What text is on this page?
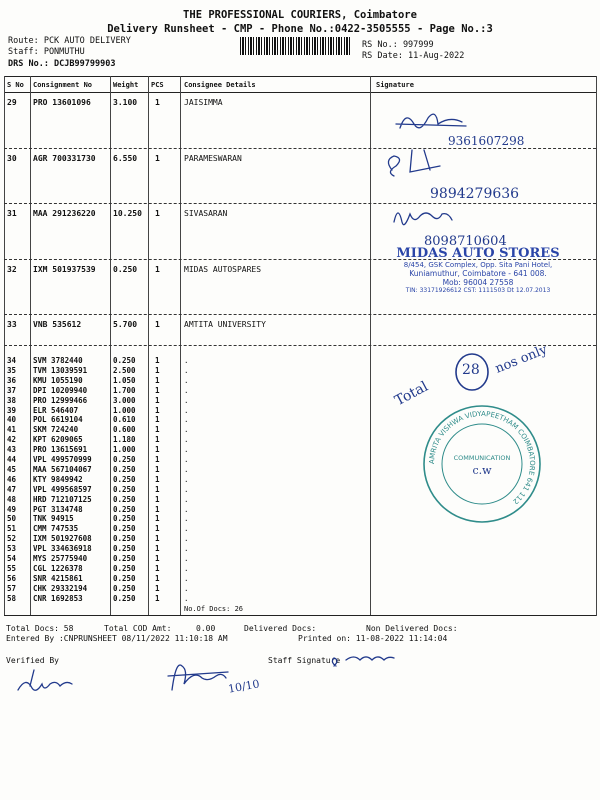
THE PROFESSIONAL COURIERS, Coimbatore
Delivery Runsheet - CMP - Phone No.:0422-3505555 - Page No.:3
Route: PCK AUTO DELIVERY
Staff: PONMUTHU
DRS No.: DCJB99799903
RS No.: 997999
RS Date: 11-Aug-2022
S No Consignment No	Weight PCS	Consignee Details	Signature
29 PRO 13601096	3.100 1	JAISIMMA
30 AGR 700331730 6.550 1	PARAMESWARAN
31 MAA 291236220 10.250 1	SIVASARAN
32 IXM 501937539 0.250 1	MIDAS AUTOSPARES
33 VNB 535612	5.700 1	AMTITA UNIVERSITY
34 SVM 3782440	0.250	1	.
35 TVM 13039591	2.500	1	.
36 KMU 1055190	1.050	1	.
37 DPI 10209940	1.700	1	.
38 PRO 12999466	3.000	1	.
39 ELR 546407	1.000	1	.
40 POL 6619104	0.610	1	.
41 SKM 724240	0.600	1	.
42 KPT 6209065	1.180	1	.
43 PRO 13615691	1.000	1	.
44 VPL 499570999	0.250	1	.
45 MAA 567104067	0.250	1	.
46 KTY 9849942	0.250	1	.
47 VPL 499568597	0.250	1	.
48 HRD 712107125	0.250	1	.
49 PGT 3134748	0.250	1	.
50 TNK 94915	0.250	1	.
51 CMM 747535	0.250	1	.
52 IXM 501927608	0.250	1	.
53 VPL 334636918	0.250	1	.
54 MYS 25775940	0.250	1	.
55 CGL 1226378	0.250	1	.
56 SNR 4215861	0.250	1	.
57 CHK 29332194	0.250	1	.
58 CNR 1692853	0.250	1	.
No.Of Docs: 26
Total Docs: 58	Total COD Amt:	0.00	Delivered Docs:	Non Delivered Docs:
Entered By :CNPRUNSHEET 08/11/2022 11:10:18 AM	Printed on: 11-08-2022 11:14:04
Verified By	Staff Signature
9361607298
9894279636
8098710604
Total
28 nos only
10/10
MIDAS AUTO STORES
8/454, GSK Complex, Opp. Sita Pani Hotel,
Kuniamuthur, Coimbatore - 641 008.
Mob: 96004 27558
TIN: 33171926612 CST: 1111503 Dt 12.07.2013
AMRITA VISHWA VIDYAPEETHAM COIMBATORE 641 112
COMMUNICATION
c.w
